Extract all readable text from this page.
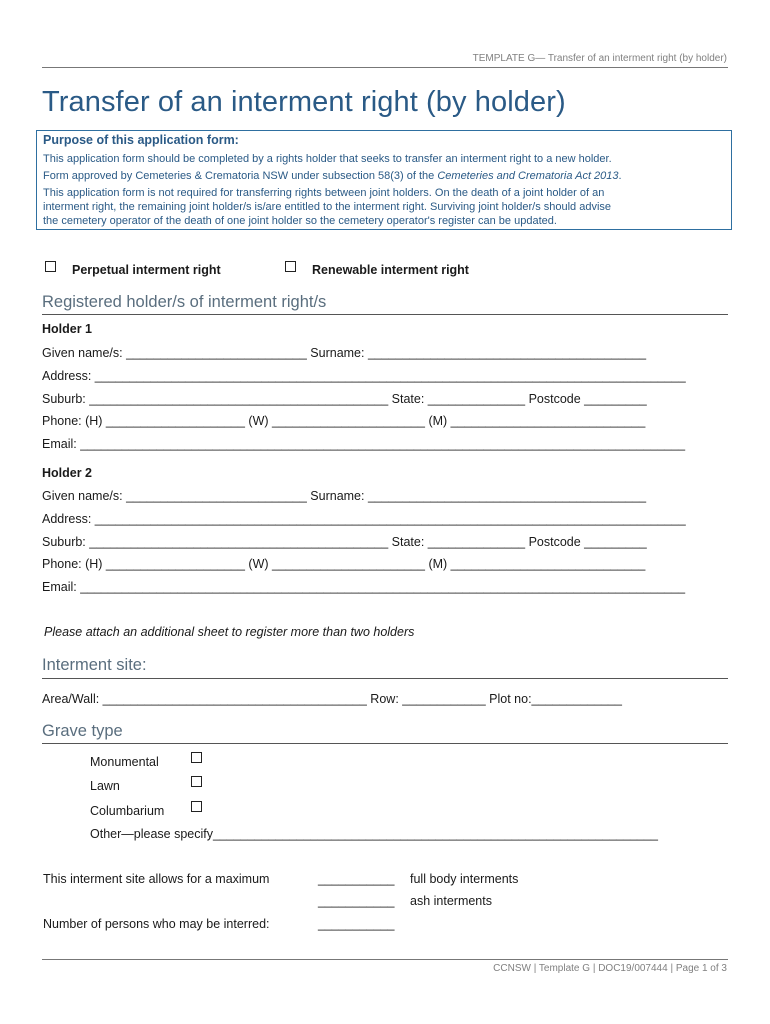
TEMPLATE G— Transfer of an interment right (by holder)
Transfer of an interment right (by holder)
Purpose of this application form:
This application form should be completed by a rights holder that seeks to transfer an interment right to a new holder.
Form approved by Cemeteries & Crematoria NSW under subsection 58(3) of the Cemeteries and Crematoria Act 2013.
This application form is not required for transferring rights between joint holders. On the death of a joint holder of an
interment right, the remaining joint holder/s is/are entitled to the interment right. Surviving joint holder/s should advise
the cemetery operator of the death of one joint holder so the cemetery operator's register can be updated.
Perpetual interment right	Renewable interment right
Registered holder/s of interment right/s
Holder 1
Given name/s: __________________________ Surname: ________________________________________
Address: _____________________________________________________________________________________
Suburb: ___________________________________________ State: ______________ Postcode _________
Phone: (H) ____________________ (W) ______________________ (M) ____________________________
Email: _______________________________________________________________________________________
Holder 2
Given name/s: __________________________ Surname: ________________________________________
Address: _____________________________________________________________________________________
Suburb: ___________________________________________ State: ______________ Postcode _________
Phone: (H) ____________________ (W) ______________________ (M) ____________________________
Email: _______________________________________________________________________________________
Please attach an additional sheet to register more than two holders
Interment site:
Area/Wall: ______________________________________ Row: ____________ Plot no:_____________
Grave type
Monumental
Lawn
Columbarium
Other—please specify________________________________________________________________
This interment site allows for a maximum	___________ full body interments
___________ ash interments
Number of persons who may be interred:	___________
CCNSW | Template G | DOC19/007444 | Page 1 of 3
